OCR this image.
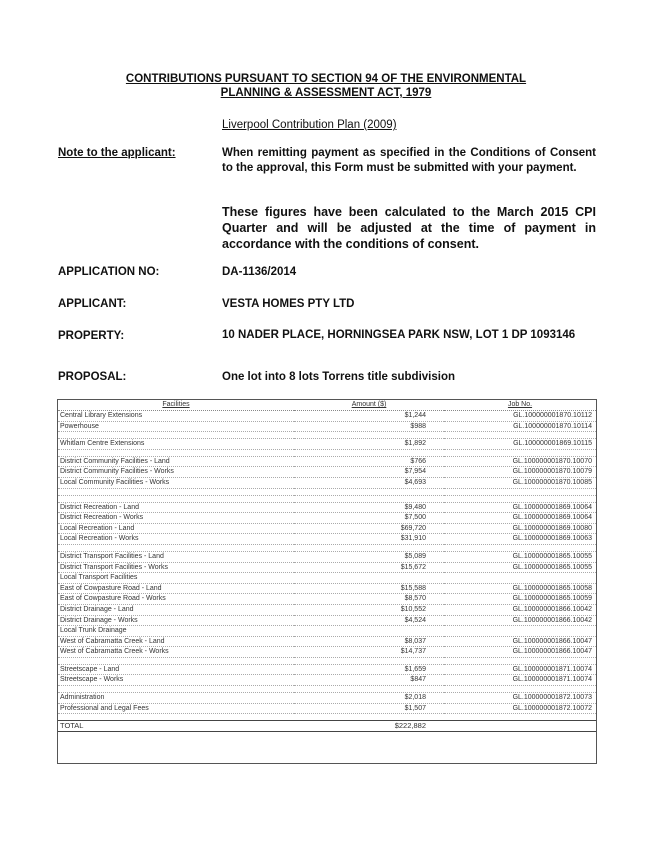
CONTRIBUTIONS PURSUANT TO SECTION 94 OF THE ENVIRONMENTAL
PLANNING & ASSESSMENT ACT, 1979
Liverpool Contribution Plan (2009)
Note to the applicant:	When remitting payment as specified in the Conditions of Consent to the approval, this Form must be submitted with your payment.
These figures have been calculated to the March 2015 CPI Quarter and will be adjusted at the time of payment in accordance with the conditions of consent.
APPLICATION NO:	DA-1136/2014
APPLICANT:	VESTA HOMES PTY LTD
PROPERTY:	10 NADER PLACE, HORNINGSEA PARK NSW, LOT 1 DP 1093146
PROPOSAL:	One lot into 8 lots Torrens title subdivision
Facilities	Amount ($)	Job No.
Central Library Extensions	$1,244	GL.100000001870.10112
Powerhouse	$988	GL.100000001870.10114

Whitlam Centre Extensions	$1,892	GL.100000001869.10115

District Community Facilities - Land	$766	GL.100000001870.10070
District Community Facilities - Works	$7,954	GL.100000001870.10079
Local Community Facilities - Works	$4,693	GL.100000001870.10085

District Recreation - Land	$9,480	GL.100000001869.10064
District Recreation - Works	$7,500	GL.100000001869.10064
Local Recreation - Land	$69,720	GL.100000001869.10080
Local Recreation - Works	$31,910	GL.100000001869.10063

District Transport Facilities - Land	$5,089	GL.100000001865.10055
District Transport Facilities - Works	$15,672	GL.100000001865.10055
Local Transport Facilities		
East of Cowpasture Road - Land	$15,588	GL.100000001865.10058
East of Cowpasture Road - Works	$8,570	GL.100000001865.10059
District Drainage - Land	$10,552	GL.100000001866.10042
District Drainage - Works	$4,524	GL.100000001866.10042
Local Trunk Drainage		
West of Cabramatta Creek - Land	$8,037	GL.100000001866.10047
West of Cabramatta Creek - Works	$14,737	GL.100000001866.10047

Streetscape - Land	$1,659	GL.100000001871.10074
Streetscape - Works	$847	GL.100000001871.10074

Administration	$2,018	GL.100000001872.10073
Professional and Legal Fees	$1,507	GL.100000001872.10072

TOTAL	$222,882	
